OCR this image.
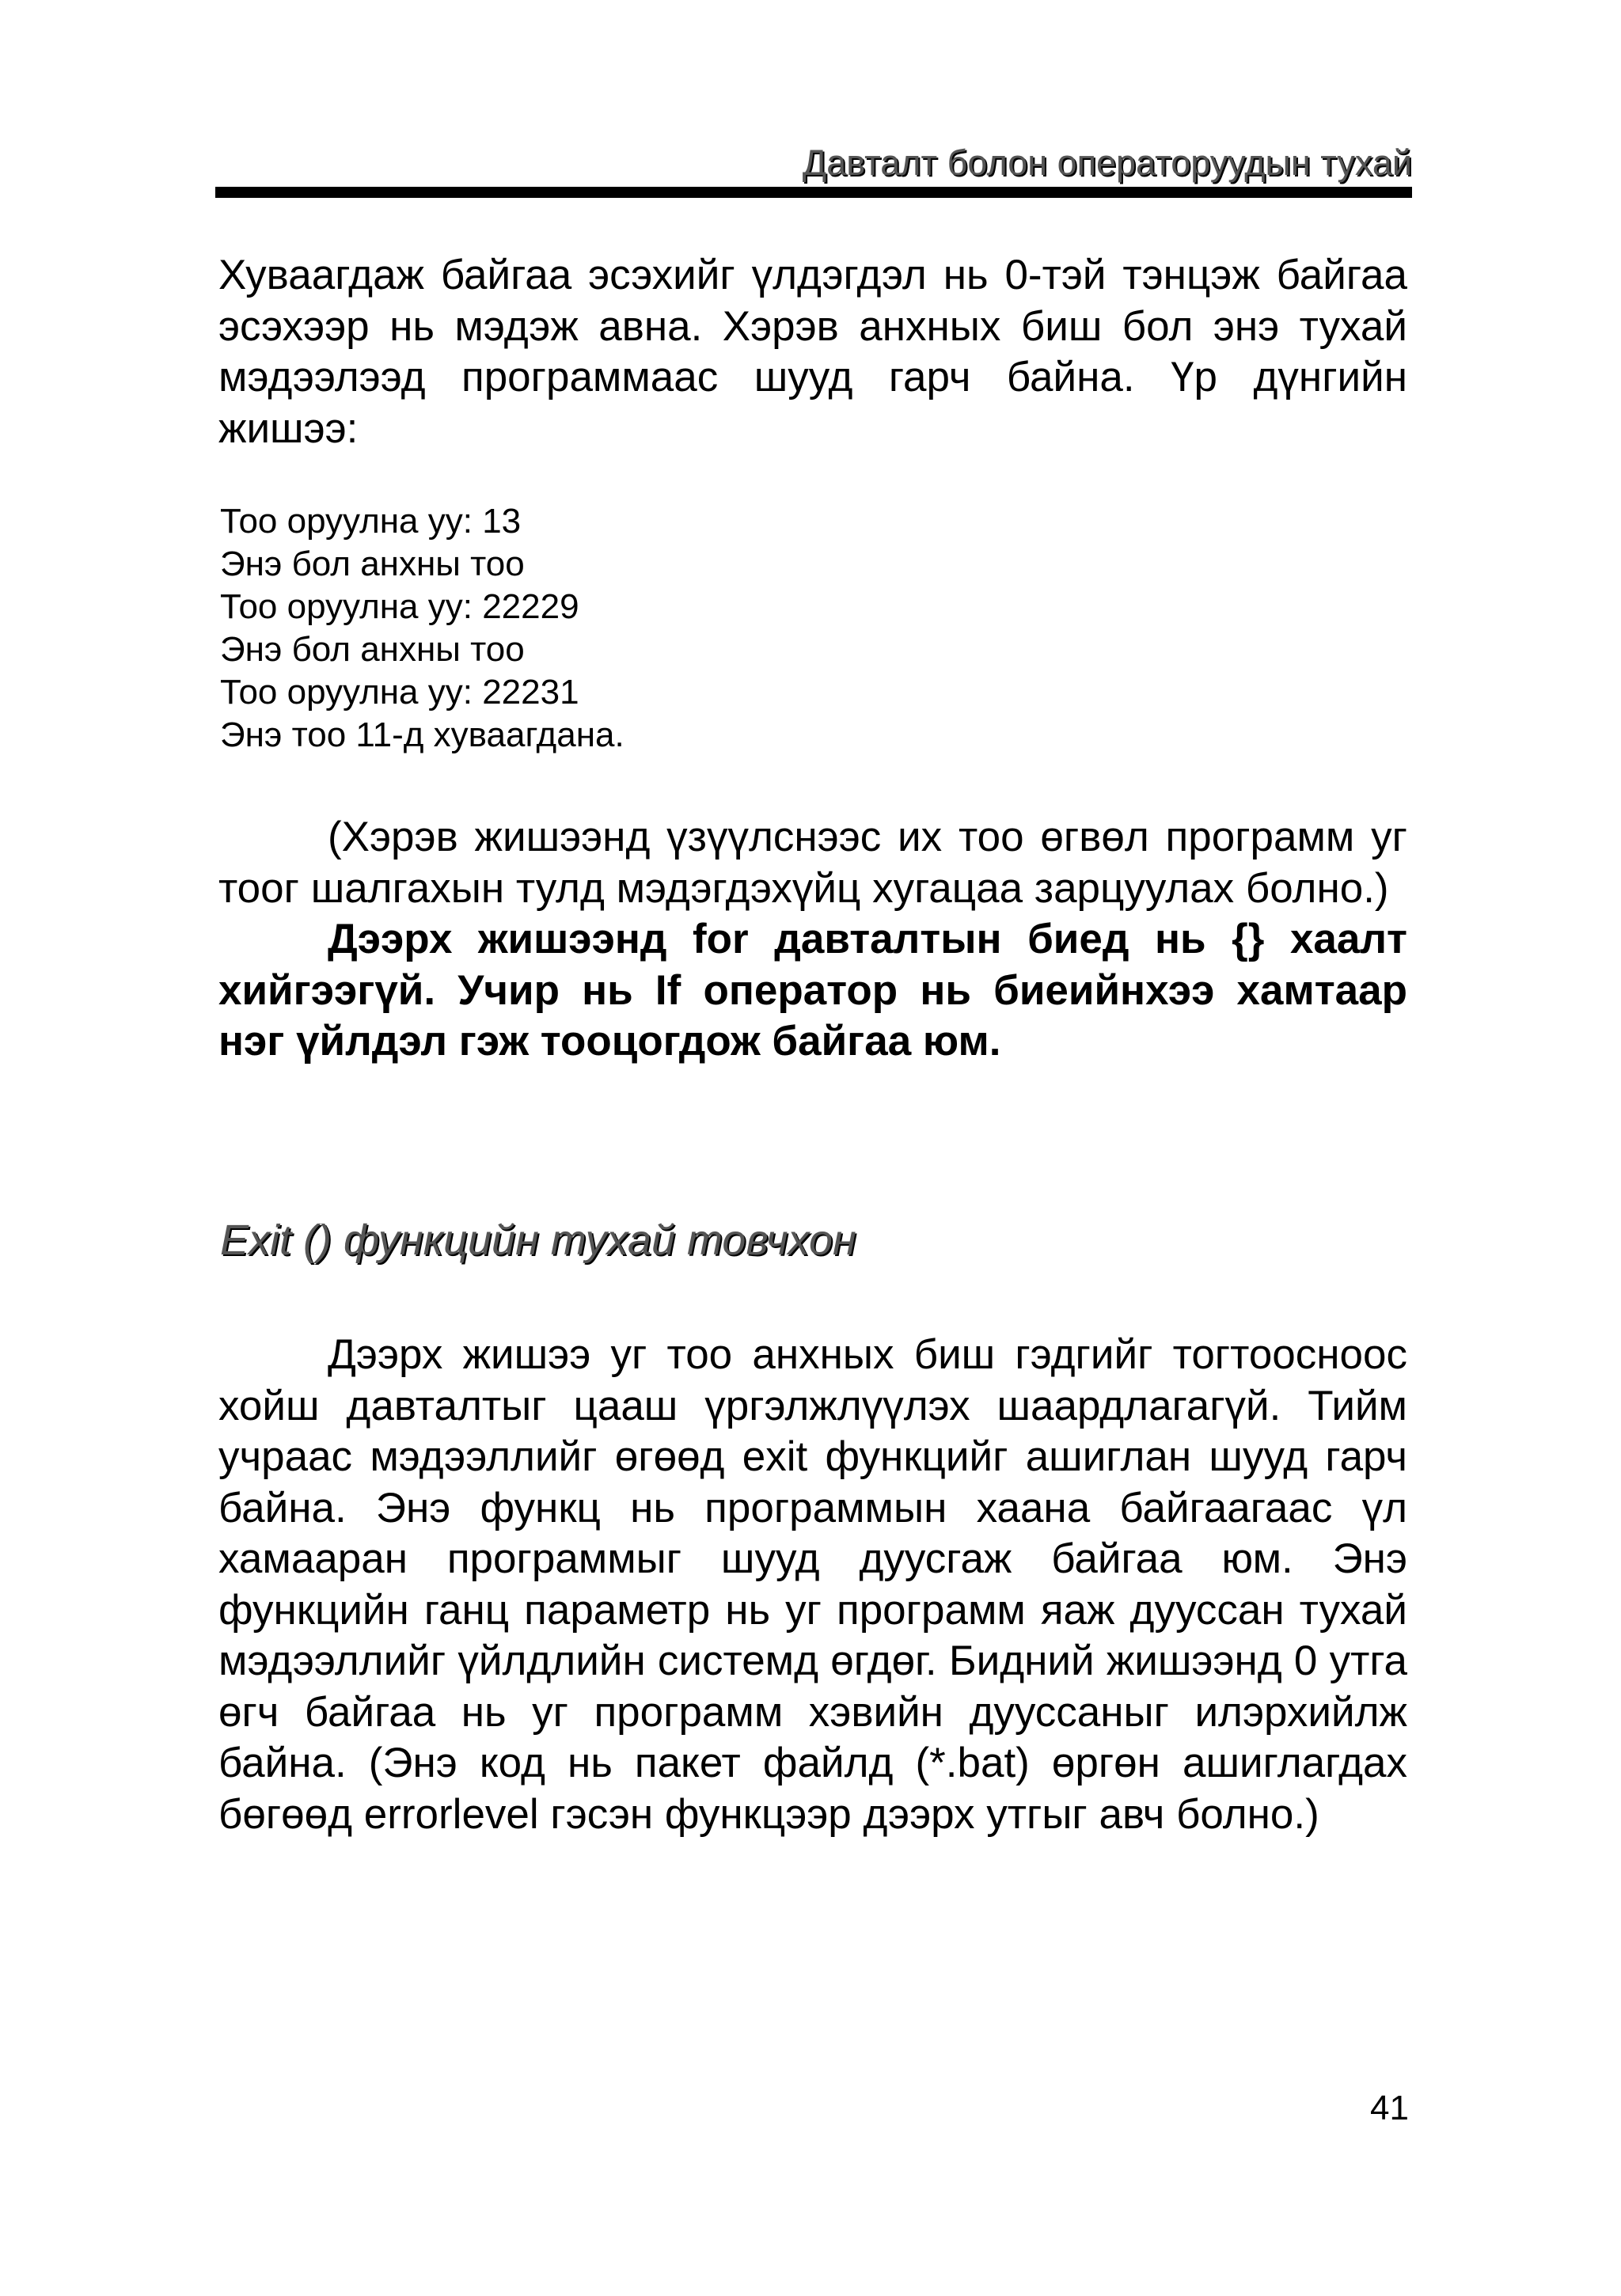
Давталт болон операторуудын тухай

Хуваагдаж байгаа эсэхийг үлдэгдэл нь 0-тэй тэнцэж байгаа эсэхээр нь мэдэж авна. Хэрэв анхных биш бол энэ тухай мэдээлээд программаас шууд гарч байна. Үр дүнгийн жишээ:

Тоо оруулна уу: 13
Энэ бол анхны тоо
Тоо оруулна уу: 22229
Энэ бол анхны тоо
Тоо оруулна уу: 22231
Энэ тоо 11-д хуваагдана.

(Хэрэв жишээнд үзүүлснээс их тоо өгвөл программ уг тоог шалгахын тулд мэдэгдэхүйц хугацаа зарцуулах болно.)

Дээрх жишээнд for давталтын биед нь {} хаалт хийгээгүй. Учир нь If оператор нь биеийнхээ хамтаар нэг үйлдэл гэж тооцогдож байгаа юм.

Exit () функцийн тухай товчхон

Дээрх жишээ уг тоо анхных биш гэдгийг тогтоосноос хойш давталтыг цааш үргэлжлүүлэх шаардлагагүй. Тийм учраас мэдээллийг өгөөд exit функцийг ашиглан шууд гарч байна. Энэ функц нь программын хаана байгаагаас үл хамааран программыг шууд дуусгаж байгаа юм. Энэ функцийн ганц параметр нь уг программ яаж дууссан тухай мэдээллийг үйлдлийн системд өгдөг. Бидний жишээнд 0 утга өгч байгаа нь уг программ хэвийн дууссаныг илэрхийлж байна. (Энэ код нь пакет файлд (*.bat) өргөн ашиглагдах бөгөөд errorlevel гэсэн функцээр дээрх утгыг авч болно.)

41
